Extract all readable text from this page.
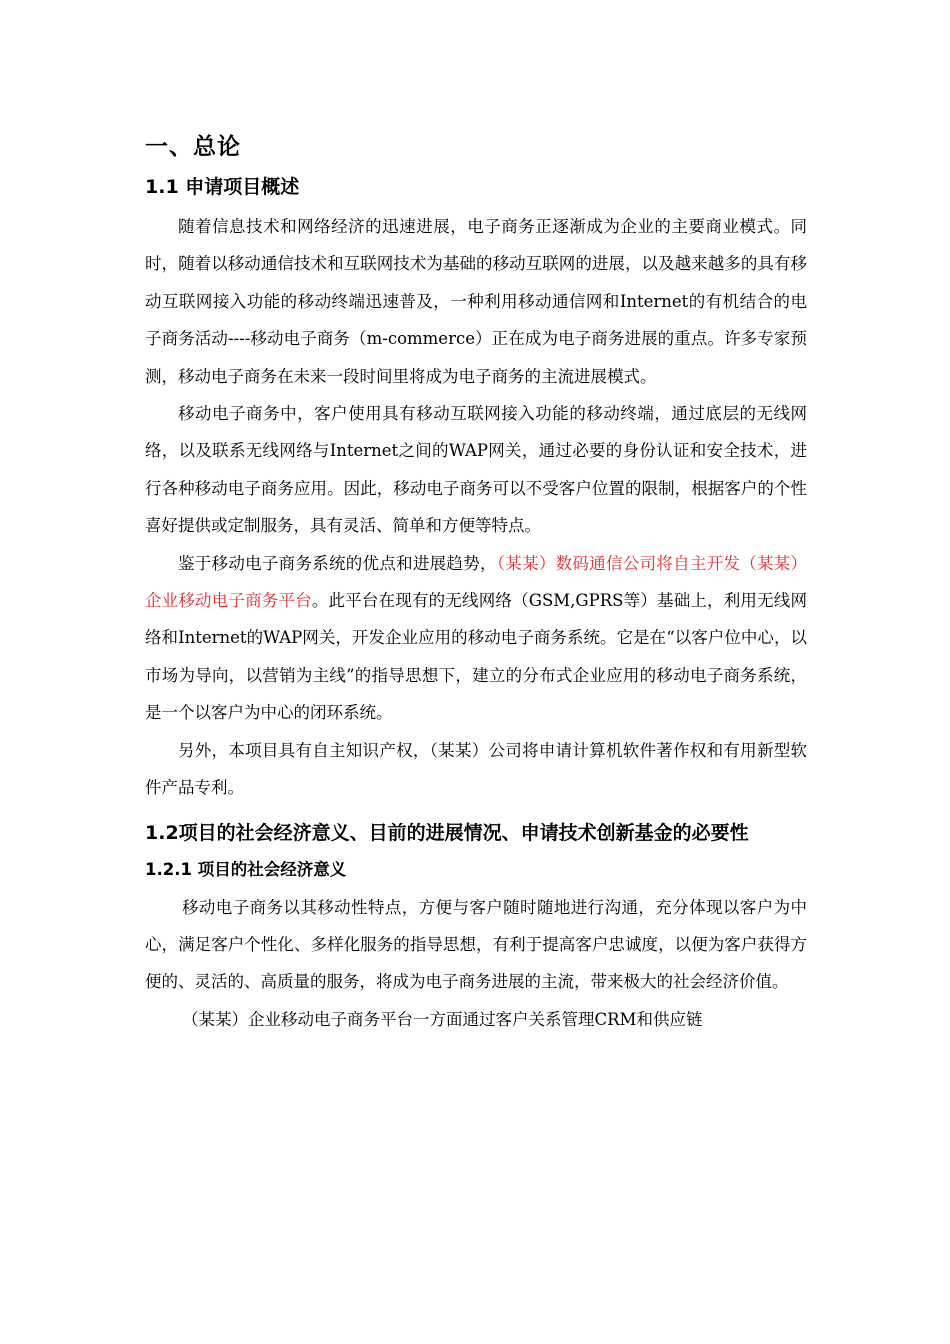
一、总论
1.1 申请项目概述

随着信息技术和网络经济的迅速进展，电子商务正逐渐成为企业的主要商业模式。同时，随着以移动通信技术和互联网技术为基础的移动互联网的进展，以及越来越多的具有移动互联网接入功能的移动终端迅速普及，一种利用移动通信网和Internet的有机结合的电子商务活动----移动电子商务（m-commerce）正在成为电子商务进展的重点。许多专家预测，移动电子商务在未来一段时间里将成为电子商务的主流进展模式。

移动电子商务中，客户使用具有移动互联网接入功能的移动终端，通过底层的无线网络，以及联系无线网络与Internet之间的WAP网关，通过必要的身份认证和安全技术，进行各种移动电子商务应用。因此，移动电子商务可以不受客户位置的限制，根据客户的个性喜好提供或定制服务，具有灵活、简单和方便等特点。

鉴于移动电子商务系统的优点和进展趋势，（某某）数码通信公司将自主开发（某某）企业移动电子商务平台。此平台在现有的无线网络（GSM,GPRS等）基础上，利用无线网络和Internet的WAP网关，开发企业应用的移动电子商务系统。它是在“以客户位中心，以市场为导向，以营销为主线”的指导思想下，建立的分布式企业应用的移动电子商务系统，是一个以客户为中心的闭环系统。

另外，本项目具有自主知识产权，（某某）公司将申请计算机软件著作权和有用新型软件产品专利。

1.2项目的社会经济意义、目前的进展情况、申请技术创新基金的必要性
1.2.1 项目的社会经济意义

移动电子商务以其移动性特点，方便与客户随时随地进行沟通，充分体现以客户为中心，满足客户个性化、多样化服务的指导思想，有利于提高客户忠诚度，以便为客户获得方便的、灵活的、高质量的服务，将成为电子商务进展的主流，带来极大的社会经济价值。

（某某）企业移动电子商务平台一方面通过客户关系管理CRM和供应链
